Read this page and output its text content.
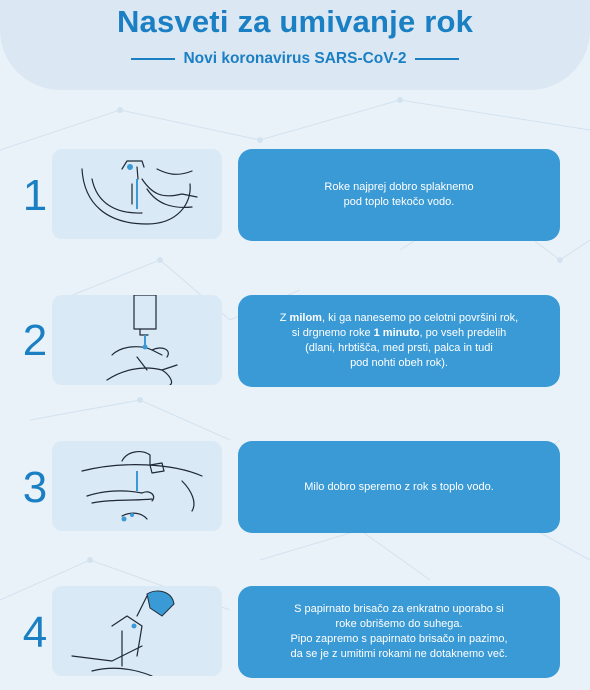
Nasveti za umivanje rok
Novi koronavirus SARS-CoV-2
1	Roke najprej dobro splaknemo
pod toplo tekočo vodo.
2	Z milom, ki ga nanesemo po celotni površini rok,
si drgnemo roke 1 minuto, po vseh predelih
(dlani, hrbtišča, med prsti, palca in tudi
pod nohti obeh rok).
3	Milo dobro speremo z rok s toplo vodo.
4	S papirnato brisačo za enkratno uporabo si
roke obrišemo do suhega.
Pipo zapremo s papirnato brisačo in pazimo,
da se je z umitimi rokami ne dotaknemo več.
